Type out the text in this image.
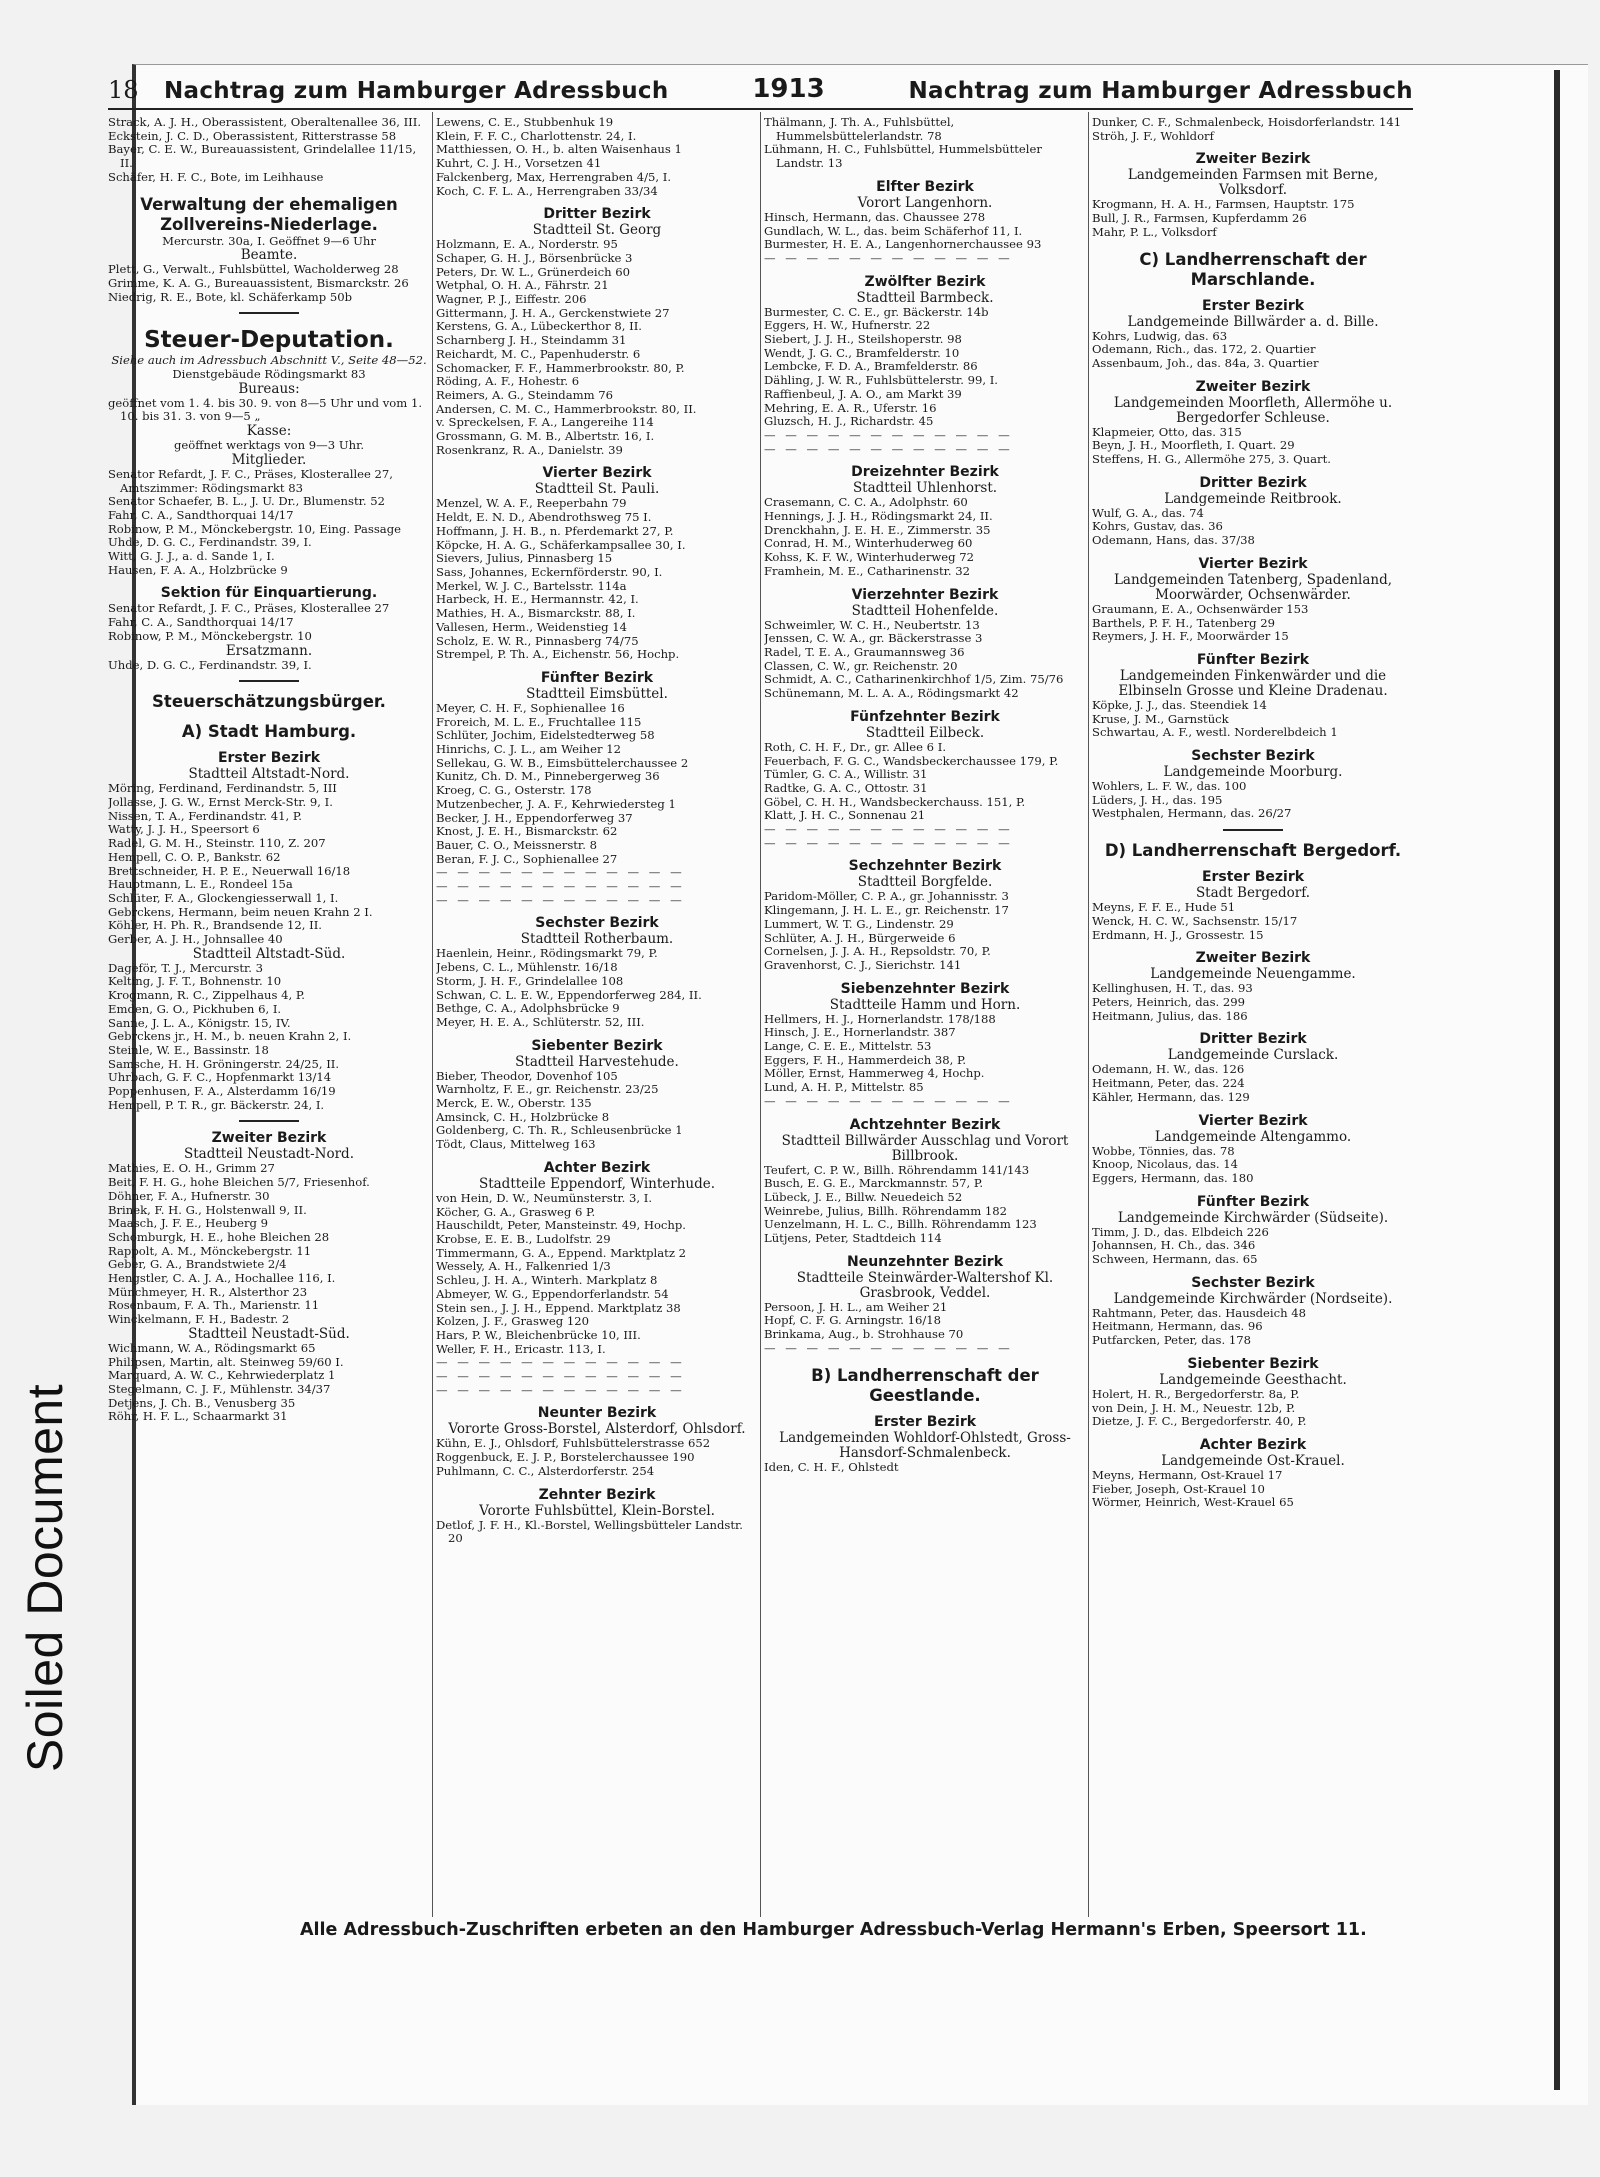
Soiled Document
18	Nachtrag zum Hamburger Adressbuch	1913	Nachtrag zum Hamburger Adressbuch
Strack, A. J. H., Oberassistent, Oberaltenallee 36, III.
Eckstein, J. C. D., Oberassistent, Ritterstrasse 58
Bayer, C. E. W., Bureauassistent, Grindelallee 11/15, II.
Schäfer, H. F. C., Bote, im Leihhause
Verwaltung der ehemaligen Zollvereins-Niederlage.
Mercurstr. 30a, I. Geöffnet 9—6 Uhr
Beamte.
Plett, G., Verwalt., Fuhlsbüttel, Wacholderweg 28
Grimme, K. A. G., Bureauassistent, Bismarckstr. 26
Niedrig, R. E., Bote, kl. Schäferkamp 50b
Steuer-Deputation.
Siehe auch im Adressbuch Abschnitt V., Seite 48—52.
Dienstgebäude Rödingsmarkt 83
Bureaus:
geöffnet vom 1. 4. bis 30. 9. von 8—5 Uhr und vom 1. 10. bis 31. 3. von 9—5 „
Kasse:
geöffnet werktags von 9—3 Uhr.
Mitglieder.
Senator Refardt, J. F. C., Präses, Klosterallee 27, Amtszimmer: Rödingsmarkt 83
Senator Schaefer, B. L., J. U. Dr., Blumenstr. 52
Fahr, C. A., Sandthorquai 14/17
Robinow, P. M., Mönckebergstr. 10, Eing. Passage
Uhde, D. G. C., Ferdinandstr. 39, I.
Witt, G. J. J., a. d. Sande 1, I.
Hausen, F. A. A., Holzbrücke 9
Sektion für Einquartierung.
Senator Refardt, J. F. C., Präses, Klosterallee 27
Fahr, C. A., Sandthorquai 14/17
Robinow, P. M., Mönckebergstr. 10
Ersatzmann.
Uhde, D. G. C., Ferdinandstr. 39, I.
Steuerschätzungsbürger.
A) Stadt Hamburg.
Erster Bezirk
Stadtteil Altstadt-Nord.
Möring, Ferdinand, Ferdinandstr. 5, III
Jollasse, J. G. W., Ernst Merck-Str. 9, I.
Nissen, T. A., Ferdinandstr. 41, P.
Watty, J. J. H., Speersort 6
Radel, G. M. H., Steinstr. 110, Z. 207
Hempell, C. O. P., Bankstr. 62
Brettschneider, H. P. E., Neuerwall 16/18
Hauptmann, L. E., Rondeel 15a
Schlüter, F. A., Glockengiesserwall 1, I.
Gebrckens, Hermann, beim neuen Krahn 2 I.
Köhler, H. Ph. R., Brandsende 12, II.
Gerber, A. J. H., Johnsallee 40
Stadtteil Altstadt-Süd.
Dageför, T. J., Mercurstr. 3
Kelting, J. F. T., Bohnenstr. 10
Krogmann, R. C., Zippelhaus 4, P.
Emden, G. O., Pickhuben 6, I.
Sanne, J. L. A., Königstr. 15, IV.
Gebrckens jr., H. M., b. neuen Krahn 2, I.
Steinle, W. E., Bassinstr. 18
Samsche, H. H. Gröningerstr. 24/25, II.
Uhrbach, G. F. C., Hopfenmarkt 13/14
Poppenhusen, F. A., Alsterdamm 16/19
Hempell, P. T. R., gr. Bäckerstr. 24, I.
Zweiter Bezirk
Stadtteil Neustadt-Nord.
Mathies, E. O. H., Grimm 27
Beit, F. H. G., hohe Bleichen 5/7, Friesenhof.
Döhner, F. A., Hufnerstr. 30
Brinek, F. H. G., Holstenwall 9, II.
Maasch, J. F. E., Heuberg 9
Schomburgk, H. E., hohe Bleichen 28
Rappolt, A. M., Mönckebergstr. 11
Geber, G. A., Brandstwiete 2/4
Hengstler, C. A. J. A., Hochallee 116, I.
Münchmeyer, H. R., Alsterthor 23
Rosenbaum, F. A. Th., Marienstr. 11
Winckelmann, F. H., Badestr. 2
Stadtteil Neustadt-Süd.
Wichmann, W. A., Rödingsmarkt 65
Philipsen, Martin, alt. Steinweg 59/60 I.
Marquard, A. W. C., Kehrwiederplatz 1
Stegelmann, C. J. F., Mühlenstr. 34/37
Detjens, J. Ch. B., Venusberg 35
Röhr, H. F. L., Schaarmarkt 31
Lewens, C. E., Stubbenhuk 19
Klein, F. F. C., Charlottenstr. 24, I.
Matthiessen, O. H., b. alten Waisenhaus 1
Kuhrt, C. J. H., Vorsetzen 41
Falckenberg, Max, Herrengraben 4/5, I.
Koch, C. F. L. A., Herrengraben 33/34
Dritter Bezirk
Stadtteil St. Georg
Holzmann, E. A., Norderstr. 95
Schaper, G. H. J., Börsenbrücke 3
Peters, Dr. W. L., Grünerdeich 60
Wetphal, O. H. A., Fährstr. 21
Wagner, P. J., Eiffestr. 206
Gittermann, J. H. A., Gerckenstwiete 27
Kerstens, G. A., Lübeckerthor 8, II.
Scharnberg J. H., Steindamm 31
Reichardt, M. C., Papenhuderstr. 6
Schomacker, F. F., Hammerbrookstr. 80, P.
Röding, A. F., Hohestr. 6
Reimers, A. G., Steindamm 76
Andersen, C. M. C., Hammerbrookstr. 80, II.
v. Spreckelsen, F. A., Langereihe 114
Grossmann, G. M. B., Albertstr. 16, I.
Rosenkranz, R. A., Danielstr. 39
Vierter Bezirk
Stadtteil St. Pauli.
Menzel, W. A. F., Reeperbahn 79
Heldt, E. N. D., Abendrothsweg 75 I.
Hoffmann, J. H. B., n. Pferdemarkt 27, P.
Köpcke, H. A. G., Schäferkampsallee 30, I.
Sievers, Julius, Pinnasberg 15
Sass, Johannes, Eckernförderstr. 90, I.
Merkel, W. J. C., Bartelsstr. 114a
Harbeck, H. E., Hermannstr. 42, I.
Mathies, H. A., Bismarckstr. 88, I.
Vallesen, Herm., Weidenstieg 14
Scholz, E. W. R., Pinnasberg 74/75
Strempel, P. Th. A., Eichenstr. 56, Hochp.
Fünfter Bezirk
Stadtteil Eimsbüttel.
Meyer, C. H. F., Sophienallee 16
Froreich, M. L. E., Fruchtallee 115
Schlüter, Jochim, Eidelstedterweg 58
Hinrichs, C. J. L., am Weiher 12
Sellekau, G. W. B., Eimsbüttelerchaussee 2
Kunitz, Ch. D. M., Pinnebergerweg 36
Kroeg, C. G., Osterstr. 178
Mutzenbecher, J. A. F., Kehrwiedersteg 1
Becker, J. H., Eppendorferweg 37
Knost, J. E. H., Bismarckstr. 62
Bauer, C. O., Meissnerstr. 8
Beran, F. J. C., Sophienallee 27
— — — — — — — — — — — —
— — — — — — — — — — — —
— — — — — — — — — — — —
Sechster Bezirk
Stadtteil Rotherbaum.
Haenlein, Heinr., Rödingsmarkt 79, P.
Jebens, C. L., Mühlenstr. 16/18
Storm, J. H. F., Grindelallee 108
Schwan, C. L. E. W., Eppendorferweg 284, II.
Bethge, C. A., Adolphsbrücke 9
Meyer, H. E. A., Schlüterstr. 52, III.
Siebenter Bezirk
Stadtteil Harvestehude.
Bieber, Theodor, Dovenhof 105
Warnholtz, F. E., gr. Reichenstr. 23/25
Merck, E. W., Oberstr. 135
Amsinck, C. H., Holzbrücke 8
Goldenberg, C. Th. R., Schleusenbrücke 1
Tödt, Claus, Mittelweg 163
Achter Bezirk
Stadtteile Eppendorf, Winterhude.
von Hein, D. W., Neumünsterstr. 3, I.
Köcher, G. A., Grasweg 6 P.
Hauschildt, Peter, Mansteinstr. 49, Hochp.
Krobse, E. E. B., Ludolfstr. 29
Timmermann, G. A., Eppend. Marktplatz 2
Wessely, A. H., Falkenried 1/3
Schleu, J. H. A., Winterh. Markplatz 8
Abmeyer, W. G., Eppendorferlandstr. 54
Stein sen., J. J. H., Eppend. Marktplatz 38
Kolzen, J. F., Grasweg 120
Hars, P. W., Bleichenbrücke 10, III.
Weller, F. H., Ericastr. 113, I.
— — — — — — — — — — — —
— — — — — — — — — — — —
— — — — — — — — — — — —
Neunter Bezirk
Vororte Gross-Borstel, Alsterdorf, Ohlsdorf.
Kühn, E. J., Ohlsdorf, Fuhlsbüttelerstrasse 652
Roggenbuck, E. J. P., Borstelerchaussee 190
Puhlmann, C. C., Alsterdorferstr. 254
Zehnter Bezirk
Vororte Fuhlsbüttel, Klein-Borstel.
Detlof, J. F. H., Kl.-Borstel, Wellingsbütteler Landstr. 20
Thälmann, J. Th. A., Fuhlsbüttel, Hummelsbüttelerlandstr. 78
Lühmann, H. C., Fuhlsbüttel, Hummelsbütteler Landstr. 13
Elfter Bezirk
Vorort Langenhorn.
Hinsch, Hermann, das. Chaussee 278
Gundlach, W. L., das. beim Schäferhof 11, I.
Burmester, H. E. A., Langenhornerchaussee 93
— — — — — — — — — — — —
Zwölfter Bezirk
Stadtteil Barmbeck.
Burmester, C. C. E., gr. Bäckerstr. 14b
Eggers, H. W., Hufnerstr. 22
Siebert, J. J. H., Steilshoperstr. 98
Wendt, J. G. C., Bramfelderstr. 10
Lembcke, F. D. A., Bramfelderstr. 86
Dähling, J. W. R., Fuhlsbüttelerstr. 99, I.
Raffienbeul, J. A. O., am Markt 39
Mehring, E. A. R., Uferstr. 16
Gluzsch, H. J., Richardstr. 45
— — — — — — — — — — — —
— — — — — — — — — — — —
Dreizehnter Bezirk
Stadtteil Uhlenhorst.
Crasemann, C. C. A., Adolphstr. 60
Hennings, J. J. H., Rödingsmarkt 24, II.
Drenckhahn, J. E. H. E., Zimmerstr. 35
Conrad, H. M., Winterhuderweg 60
Kohss, K. F. W., Winterhuderweg 72
Framhein, M. E., Catharinenstr. 32
Vierzehnter Bezirk
Stadtteil Hohenfelde.
Schweimler, W. C. H., Neubertstr. 13
Jenssen, C. W. A., gr. Bäckerstrasse 3
Radel, T. E. A., Graumannsweg 36
Classen, C. W., gr. Reichenstr. 20
Schmidt, A. C., Catharinenkirchhof 1/5, Zim. 75/76
Schünemann, M. L. A. A., Rödingsmarkt 42
Fünfzehnter Bezirk
Stadtteil Eilbeck.
Roth, C. H. F., Dr., gr. Allee 6 I.
Feuerbach, F. G. C., Wandsbeckerchaussee 179, P.
Tümler, G. C. A., Willistr. 31
Radtke, G. A. C., Ottostr. 31
Göbel, C. H. H., Wandsbeckerchauss. 151, P.
Klatt, J. H. C., Sonnenau 21
— — — — — — — — — — — —
— — — — — — — — — — — —
Sechzehnter Bezirk
Stadtteil Borgfelde.
Paridom-Möller, C. P. A., gr. Johannisstr. 3
Klingemann, J. H. L. E., gr. Reichenstr. 17
Lummert, W. T. G., Lindenstr. 29
Schlüter, A. J. H., Bürgerweide 6
Cornelsen, J. J. A. H., Repsoldstr. 70, P.
Gravenhorst, C. J., Sierichstr. 141
Siebenzehnter Bezirk
Stadtteile Hamm und Horn.
Hellmers, H. J., Hornerlandstr. 178/188
Hinsch, J. E., Hornerlandstr. 387
Lange, C. E. E., Mittelstr. 53
Eggers, F. H., Hammerdeich 38, P.
Möller, Ernst, Hammerweg 4, Hochp.
Lund, A. H. P., Mittelstr. 85
— — — — — — — — — — — —
Achtzehnter Bezirk
Stadtteil Billwärder Ausschlag und Vorort Billbrook.
Teufert, C. P. W., Billh. Röhrendamm 141/143
Busch, E. G. E., Marckmannstr. 57, P.
Lübeck, J. E., Billw. Neuedeich 52
Weinrebe, Julius, Billh. Röhrendamm 182
Uenzelmann, H. L. C., Billh. Röhrendamm 123
Lütjens, Peter, Stadtdeich 114
Neunzehnter Bezirk
Stadtteile Steinwärder-Waltershof Kl. Grasbrook, Veddel.
Persoon, J. H. L., am Weiher 21
Hopf, C. F. G. Arningstr. 16/18
Brinkama, Aug., b. Strohhause 70
— — — — — — — — — — — —
B) Landherrenschaft der Geestlande.
Erster Bezirk
Landgemeinden Wohldorf-Ohlstedt, Gross-Hansdorf-Schmalenbeck.
Iden, C. H. F., Ohlstedt
Dunker, C. F., Schmalenbeck, Hoisdorferlandstr. 141
Ströh, J. F., Wohldorf
Zweiter Bezirk
Landgemeinden Farmsen mit Berne, Volksdorf.
Krogmann, H. A. H., Farmsen, Hauptstr. 175
Bull, J. R., Farmsen, Kupferdamm 26
Mahr, P. L., Volksdorf
C) Landherrenschaft der Marschlande.
Erster Bezirk
Landgemeinde Billwärder a. d. Bille.
Kohrs, Ludwig, das. 63
Odemann, Rich., das. 172, 2. Quartier
Assenbaum, Joh., das. 84a, 3. Quartier
Zweiter Bezirk
Landgemeinden Moorfleth, Allermöhe u. Bergedorfer Schleuse.
Klapmeier, Otto, das. 315
Beyn, J. H., Moorfleth, I. Quart. 29
Steffens, H. G., Allermöhe 275, 3. Quart.
Dritter Bezirk
Landgemeinde Reitbrook.
Wulf, G. A., das. 74
Kohrs, Gustav, das. 36
Odemann, Hans, das. 37/38
Vierter Bezirk
Landgemeinden Tatenberg, Spadenland, Moorwärder, Ochsenwärder.
Graumann, E. A., Ochsenwärder 153
Barthels, P. F. H., Tatenberg 29
Reymers, J. H. F., Moorwärder 15
Fünfter Bezirk
Landgemeinden Finkenwärder und die Elbinseln Grosse und Kleine Dradenau.
Köpke, J. J., das. Steendiek 14
Kruse, J. M., Garnstück
Schwartau, A. F., westl. Norderelbdeich 1
Sechster Bezirk
Landgemeinde Moorburg.
Wohlers, L. F. W., das. 100
Lüders, J. H., das. 195
Westphalen, Hermann, das. 26/27
D) Landherrenschaft Bergedorf.
Erster Bezirk
Stadt Bergedorf.
Meyns, F. F. E., Hude 51
Wenck, H. C. W., Sachsenstr. 15/17
Erdmann, H. J., Grossestr. 15
Zweiter Bezirk
Landgemeinde Neuengamme.
Kellinghusen, H. T., das. 93
Peters, Heinrich, das. 299
Heitmann, Julius, das. 186
Dritter Bezirk
Landgemeinde Curslack.
Odemann, H. W., das. 126
Heitmann, Peter, das. 224
Kähler, Hermann, das. 129
Vierter Bezirk
Landgemeinde Altengammo.
Wobbe, Tönnies, das. 78
Knoop, Nicolaus, das. 14
Eggers, Hermann, das. 180
Fünfter Bezirk
Landgemeinde Kirchwärder (Südseite).
Timm, J. D., das. Elbdeich 226
Johannsen, H. Ch., das. 346
Schween, Hermann, das. 65
Sechster Bezirk
Landgemeinde Kirchwärder (Nordseite).
Rahtmann, Peter, das. Hausdeich 48
Heitmann, Hermann, das. 96
Putfarcken, Peter, das. 178
Siebenter Bezirk
Landgemeinde Geesthacht.
Holert, H. R., Bergedorferstr. 8a, P.
von Dein, J. H. M., Neuestr. 12b, P.
Dietze, J. F. C., Bergedorferstr. 40, P.
Achter Bezirk
Landgemeinde Ost-Krauel.
Meyns, Hermann, Ost-Krauel 17
Fieber, Joseph, Ost-Krauel 10
Wörmer, Heinrich, West-Krauel 65
Alle Adressbuch-Zuschriften erbeten an den Hamburger Adressbuch-Verlag Hermann's Erben, Speersort 11.
